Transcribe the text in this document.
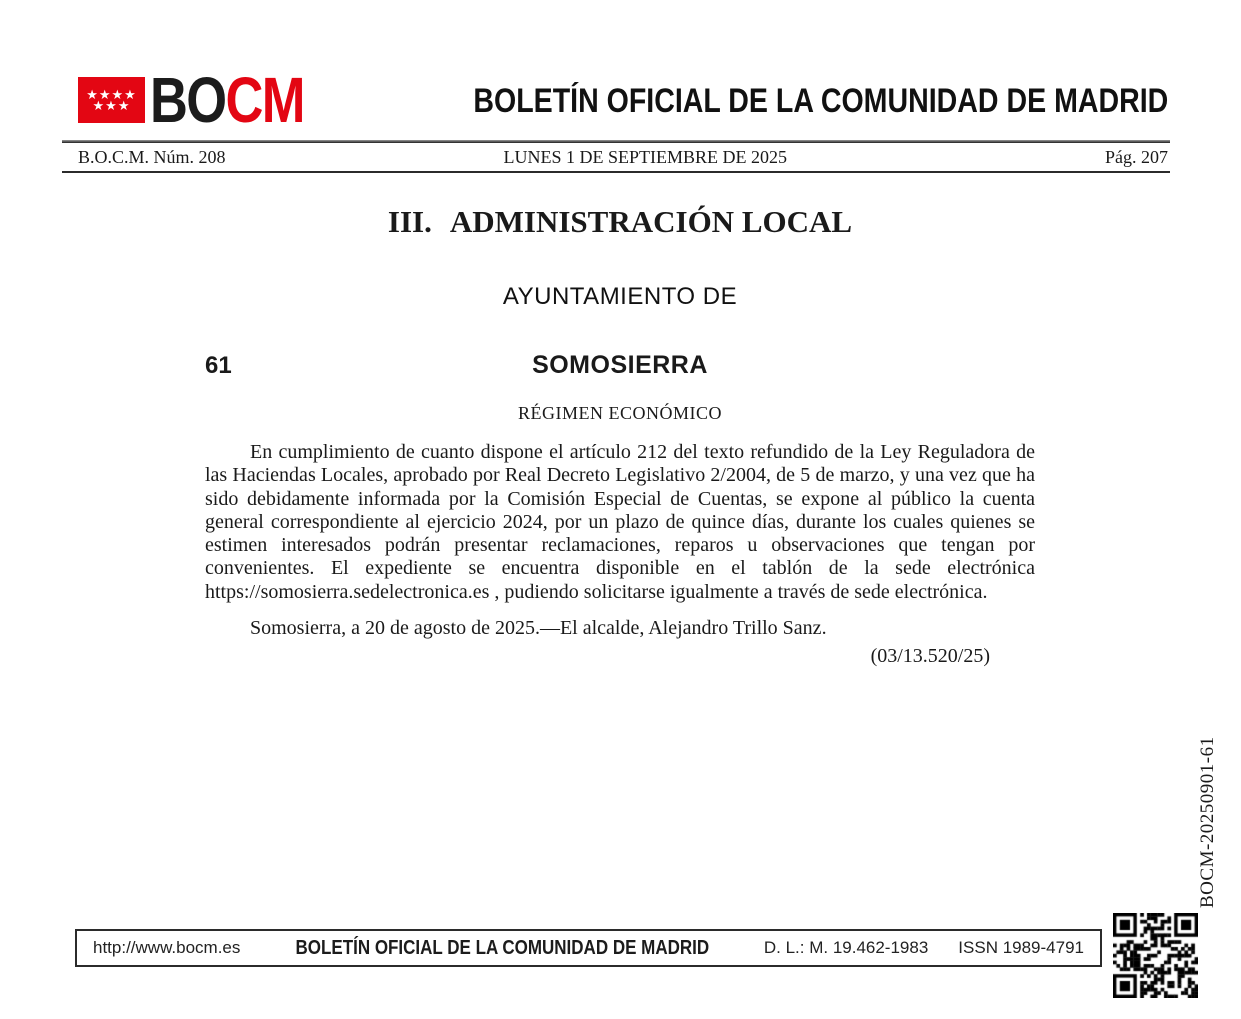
★★★★
★★★ BOCM	BOLETÍN OFICIAL DE LA COMUNIDAD DE MADRID
B.O.C.M. Núm. 208	LUNES 1 DE SEPTIEMBRE DE 2025	Pág. 207
III. ADMINISTRACIÓN LOCAL
AYUNTAMIENTO DE
61	SOMOSIERRA
RÉGIMEN ECONÓMICO

En cumplimiento de cuanto dispone el artículo 212 del texto refundido de la Ley Reguladora de las Haciendas Locales, aprobado por Real Decreto Legislativo 2/2004, de 5 de marzo, y una vez que ha sido debidamente informada por la Comisión Especial de Cuentas, se expone al público la cuenta general correspondiente al ejercicio 2024, por un plazo de quince días, durante los cuales quienes se estimen interesados podrán presentar reclamaciones, reparos u observaciones que tengan por convenientes. El expediente se encuentra disponible en el tablón de la sede electrónica https://somosierra.sedelectronica.es , pudiendo solicitarse igualmente a través de sede electrónica.

Somosierra, a 20 de agosto de 2025.—El alcalde, Alejandro Trillo Sanz.

(03/13.520/25)

BOCM-20250901-61
http://www.bocm.es	BOLETÍN OFICIAL DE LA COMUNIDAD DE MADRID	D. L.: M. 19.462-1983 ISSN 1989-4791
